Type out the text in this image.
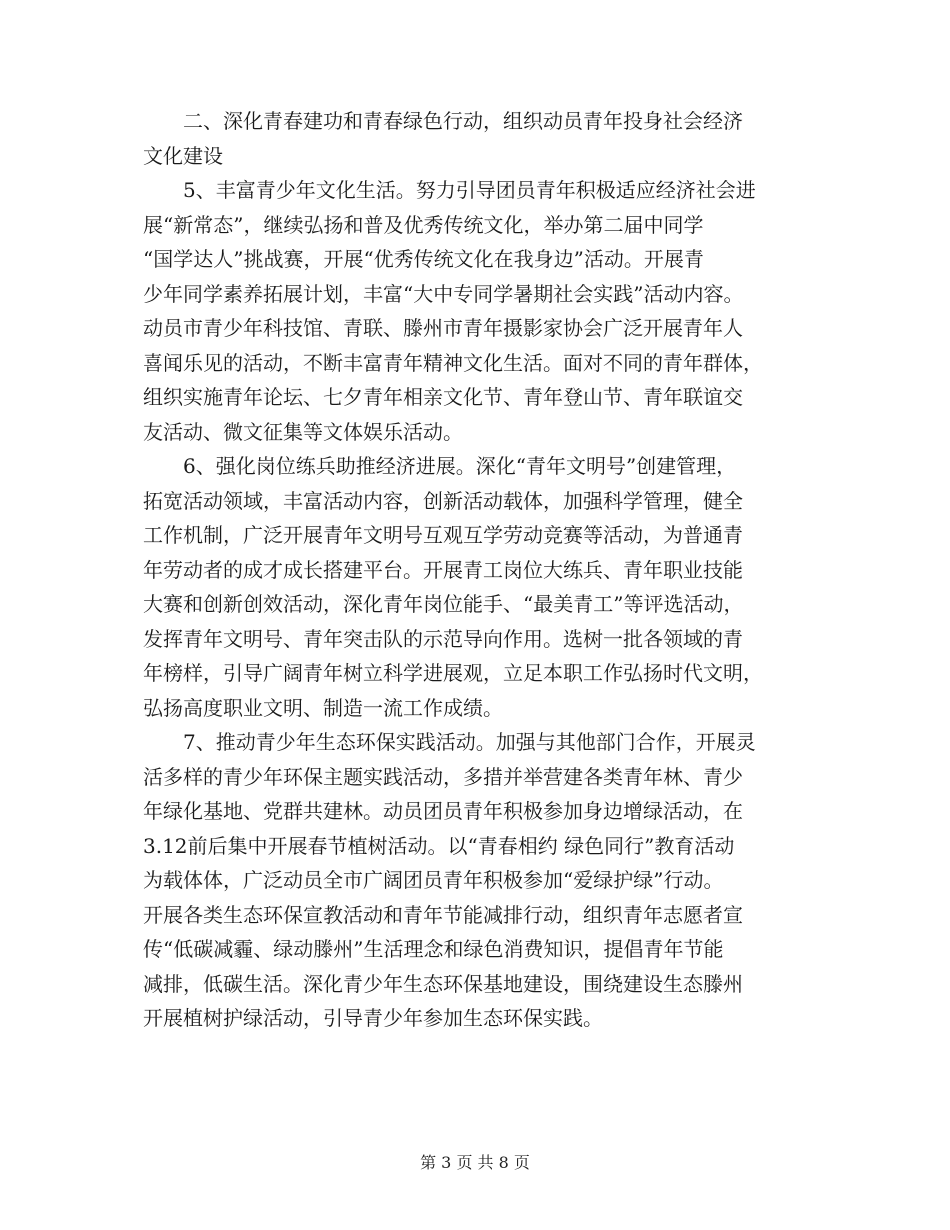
二、深化青春建功和青春绿色行动，组织动员青年投身社会经济
文化建设
5、丰富青少年文化生活。努力引导团员青年积极适应经济社会进
展“新常态”，继续弘扬和普及优秀传统文化，举办第二届中同学
“国学达人”挑战赛，开展“优秀传统文化在我身边”活动。开展青
少年同学素养拓展计划，丰富“大中专同学暑期社会实践”活动内容。
动员市青少年科技馆、青联、滕州市青年摄影家协会广泛开展青年人
喜闻乐见的活动，不断丰富青年精神文化生活。面对不同的青年群体，
组织实施青年论坛、七夕青年相亲文化节、青年登山节、青年联谊交
友活动、微文征集等文体娱乐活动。
6、强化岗位练兵助推经济进展。深化“青年文明号”创建管理，
拓宽活动领域，丰富活动内容，创新活动载体，加强科学管理，健全
工作机制，广泛开展青年文明号互观互学劳动竞赛等活动，为普通青
年劳动者的成才成长搭建平台。开展青工岗位大练兵、青年职业技能
大赛和创新创效活动，深化青年岗位能手、“最美青工”等评选活动，
发挥青年文明号、青年突击队的示范导向作用。选树一批各领域的青
年榜样，引导广阔青年树立科学进展观，立足本职工作弘扬时代文明，
弘扬高度职业文明、制造一流工作成绩。
7、推动青少年生态环保实践活动。加强与其他部门合作，开展灵
活多样的青少年环保主题实践活动，多措并举营建各类青年林、青少
年绿化基地、党群共建林。动员团员青年积极参加身边增绿活动，在
3.12前后集中开展春节植树活动。以“青春相约 绿色同行”教育活动
为载体体，广泛动员全市广阔团员青年积极参加“爱绿护绿”行动。
开展各类生态环保宣教活动和青年节能减排行动，组织青年志愿者宣
传“低碳减霾、绿动滕州”生活理念和绿色消费知识，提倡青年节能
减排，低碳生活。深化青少年生态环保基地建设，围绕建设生态滕州
开展植树护绿活动，引导青少年参加生态环保实践。
第 3 页 共 8 页
